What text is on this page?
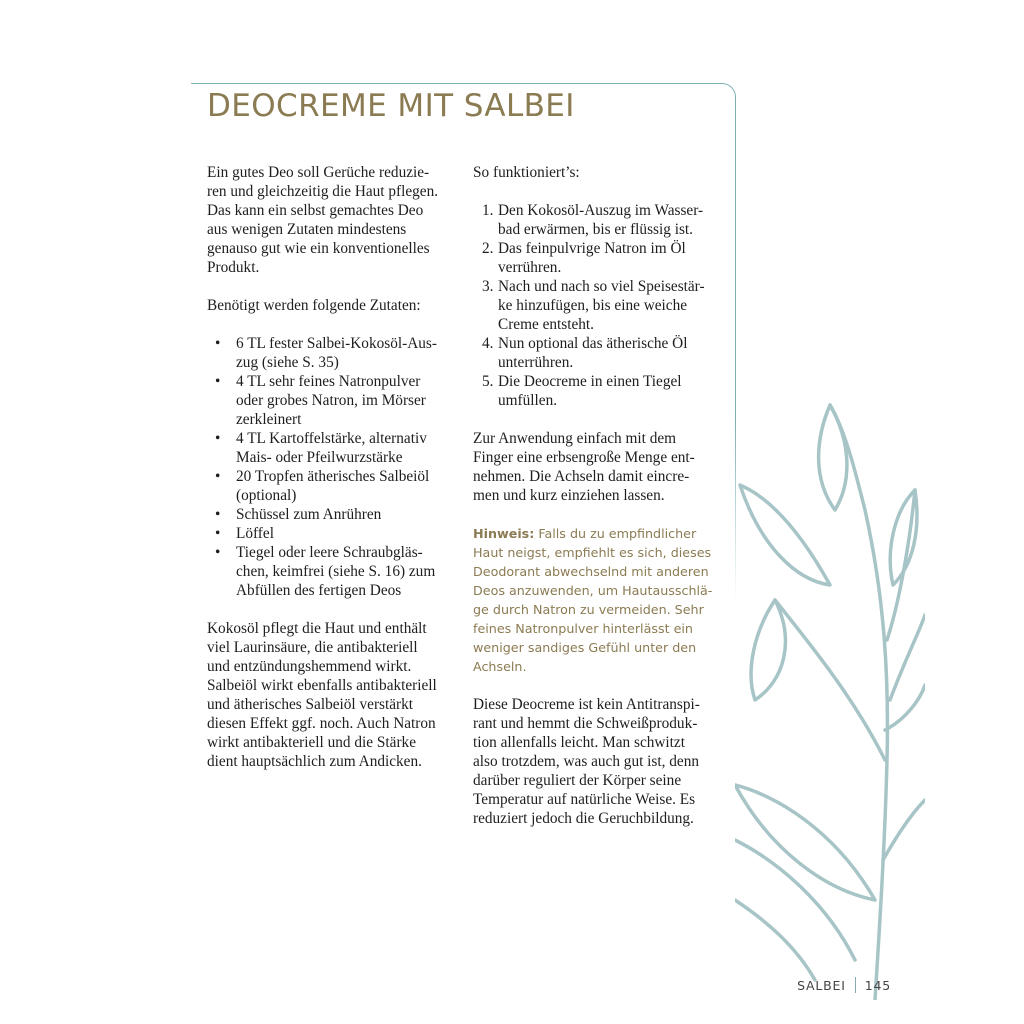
DEOCREME MIT SALBEI

Ein gutes Deo soll Gerüche reduzie-
ren und gleichzeitig die Haut pflegen.
Das kann ein selbst gemachtes Deo
aus wenigen Zutaten mindestens
genauso gut wie ein konventionelles
Produkt.

Benötigt werden folgende Zutaten:

• 6 TL fester Salbei-Kokosöl-Aus-
zug (siehe S. 35)
• 4 TL sehr feines Natronpulver
oder grobes Natron, im Mörser
zerkleinert
• 4 TL Kartoffelstärke, alternativ
Mais- oder Pfeilwurzstärke
• 20 Tropfen ätherisches Salbeiöl
(optional)
• Schüssel zum Anrühren
• Löffel
• Tiegel oder leere Schraubgläs-
chen, keimfrei (siehe S. 16) zum
Abfüllen des fertigen Deos

Kokosöl pflegt die Haut und enthält
viel Laurinsäure, die antibakteriell
und entzündungshemmend wirkt.
Salbeiöl wirkt ebenfalls antibakteriell
und ätherisches Salbeiöl verstärkt
diesen Effekt ggf. noch. Auch Natron
wirkt antibakteriell und die Stärke
dient hauptsächlich zum Andicken.

So funktioniert’s:

1. Den Kokosöl-Auszug im Wasser-
bad erwärmen, bis er flüssig ist.
2. Das feinpulvrige Natron im Öl
verrühren.
3. Nach und nach so viel Speisestär-
ke hinzufügen, bis eine weiche
Creme entsteht.
4. Nun optional das ätherische Öl
unterrühren.
5. Die Deocreme in einen Tiegel
umfüllen.

Zur Anwendung einfach mit dem
Finger eine erbsengroße Menge ent-
nehmen. Die Achseln damit eincre-
men und kurz einziehen lassen.

Hinweis: Falls du zu empfindlicher
Haut neigst, empfiehlt es sich, dieses
Deodorant abwechselnd mit anderen
Deos anzuwenden, um Hautausschlä-
ge durch Natron zu vermeiden. Sehr
feines Natronpulver hinterlässt ein
weniger sandiges Gefühl unter den
Achseln.

Diese Deocreme ist kein Antitranspi-
rant und hemmt die Schweißproduk-
tion allenfalls leicht. Man schwitzt
also trotzdem, was auch gut ist, denn
darüber reguliert der Körper seine
Temperatur auf natürliche Weise. Es
reduziert jedoch die Geruchbildung.

SALBEI 145
